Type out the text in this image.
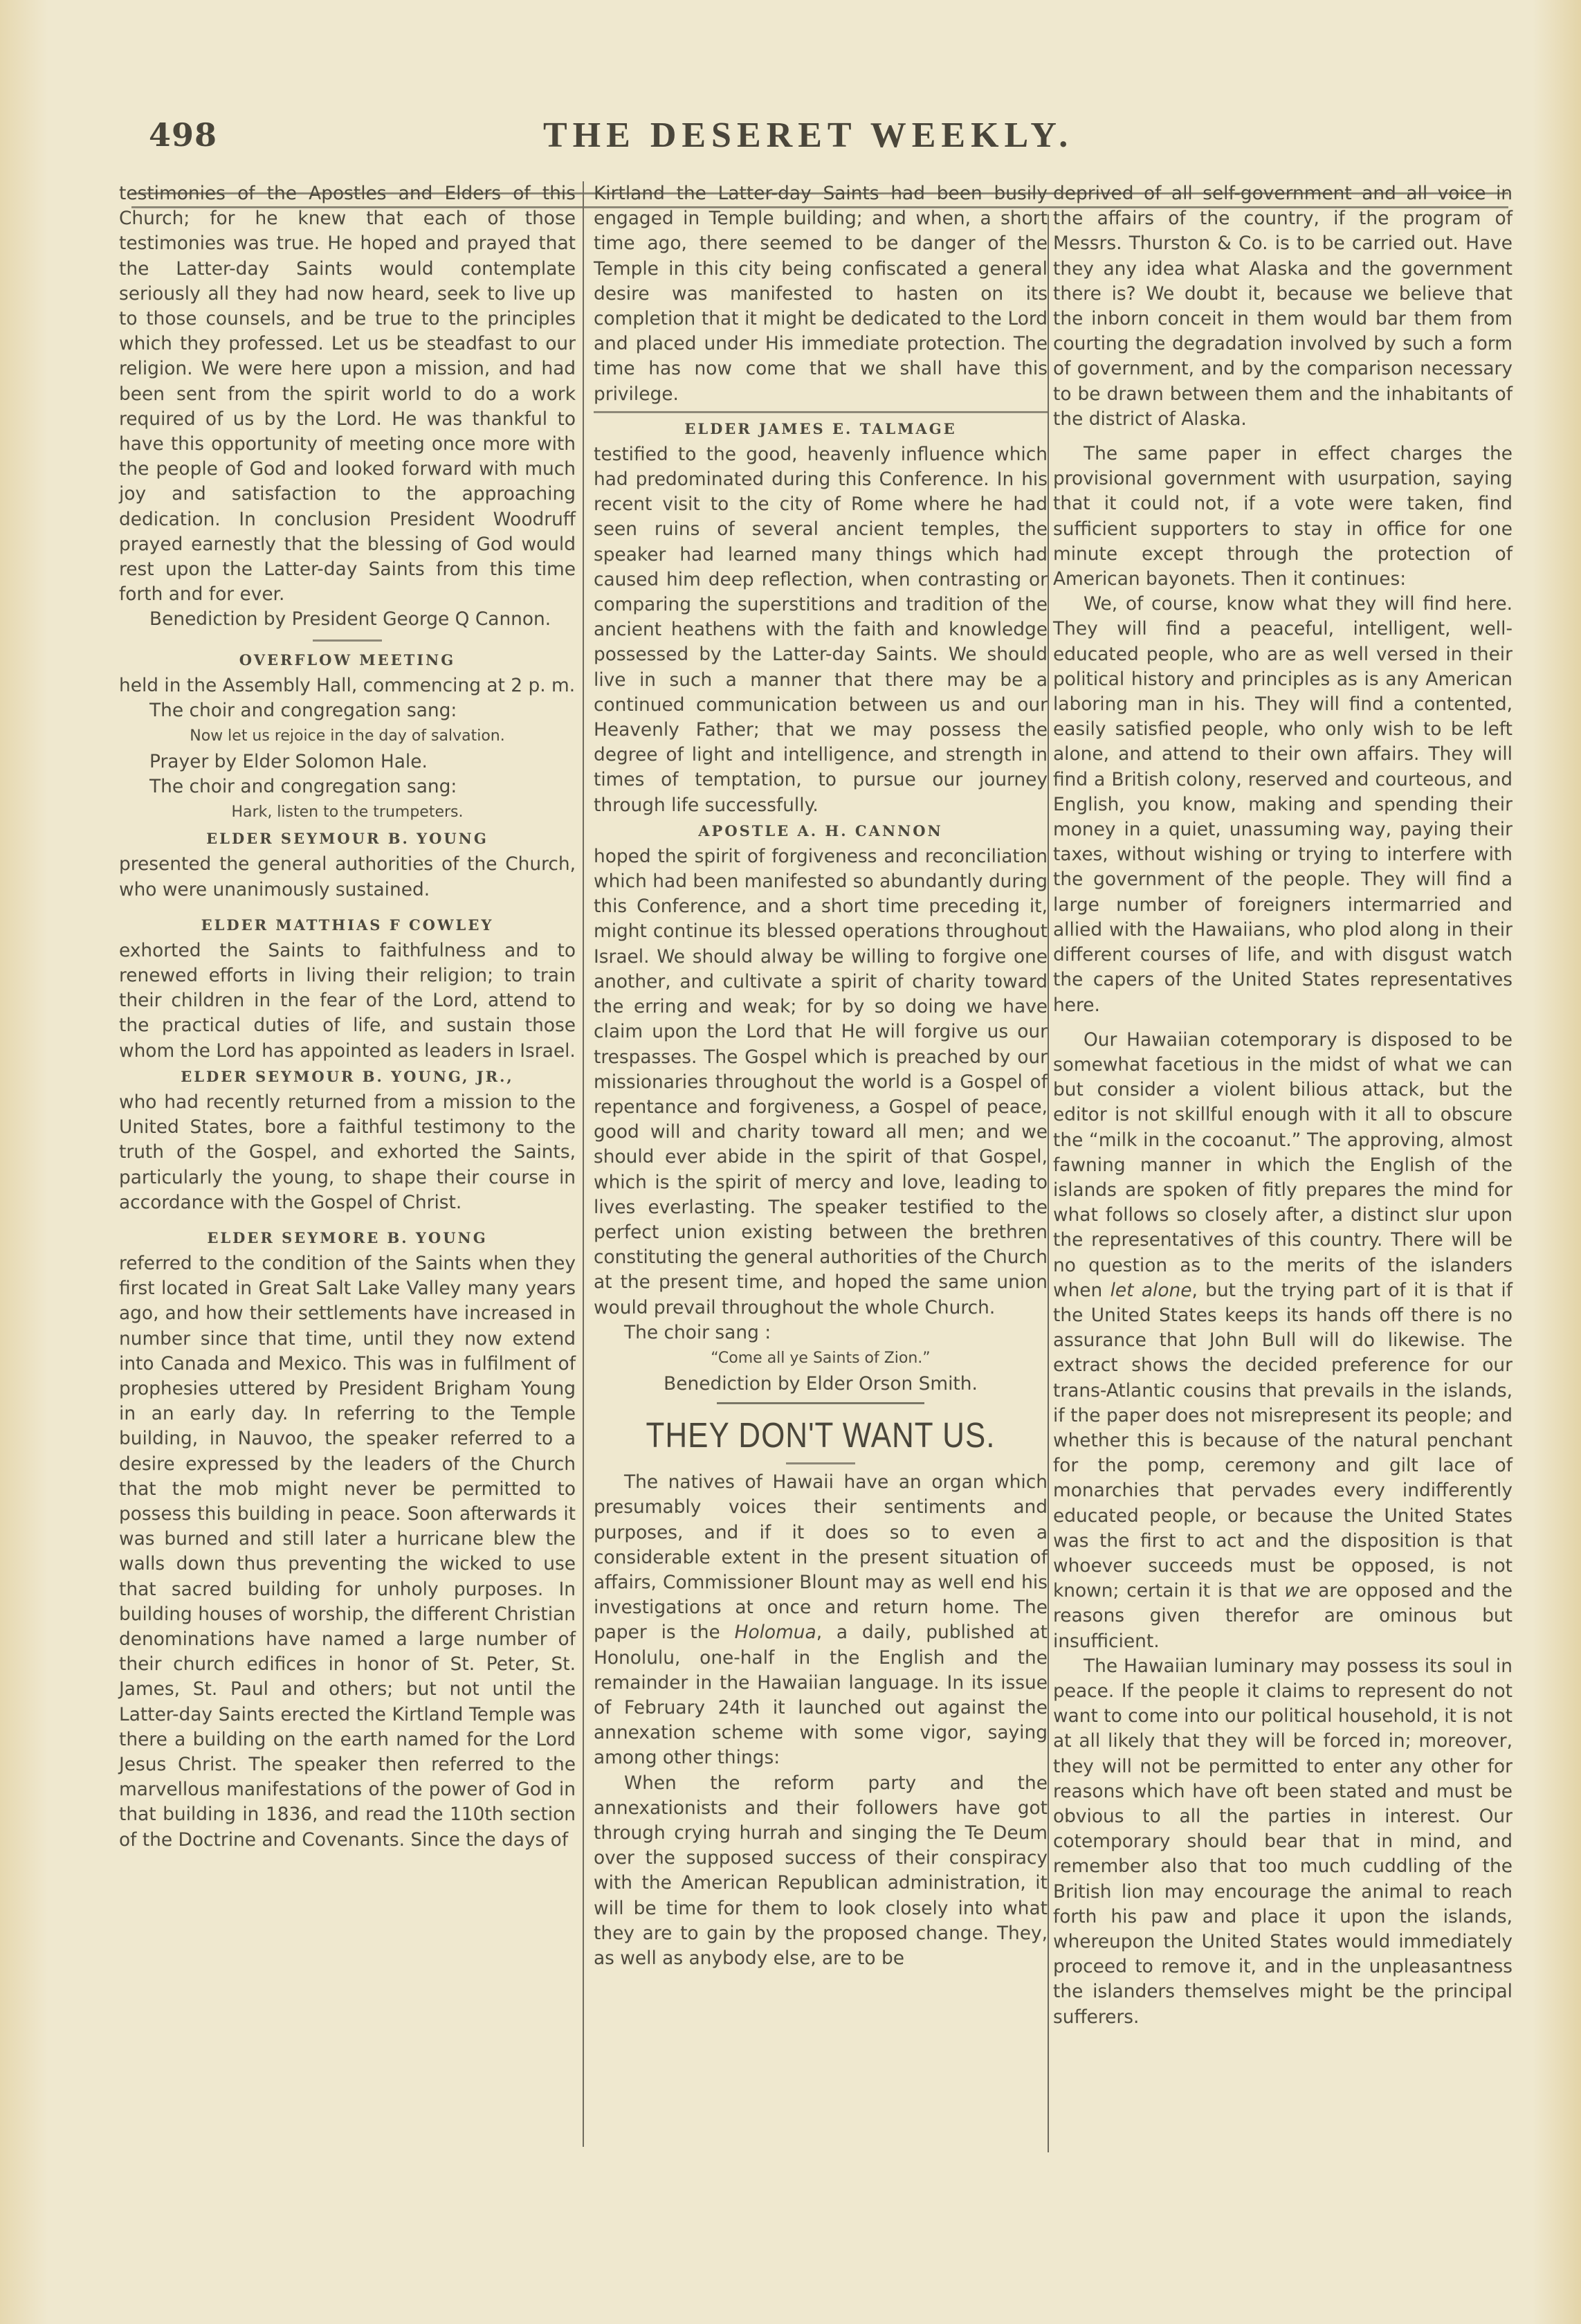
498	THE DESERET WEEKLY.

testimonies of the Apostles and Elders of this Church; for he knew that each of those testimonies was true. He hoped and prayed that the Latter-day Saints would contemplate seriously all they had now heard, seek to live up to those counsels, and be true to the principles which they professed. Let us be steadfast to our religion. We were here upon a mission, and had been sent from the spirit world to do a work required of us by the Lord. He was thankful to have this opportunity of meeting once more with the people of God and looked forward with much joy and satisfaction to the approaching dedication. In conclusion President Woodruff prayed earnestly that the blessing of God would rest upon the Latter-day Saints from this time forth and for ever.

Benediction by President George Q Cannon.

OVERFLOW MEETING

held in the Assembly Hall, commencing at 2 p. m.

The choir and congregation sang:

Now let us rejoice in the day of salvation.

Prayer by Elder Solomon Hale.

The choir and congregation sang:

Hark, listen to the trumpeters.
ELDER SEYMOUR B. YOUNG

presented the general authorities of the Church, who were unanimously sustained.

ELDER MATTHIAS F COWLEY

exhorted the Saints to faithfulness and to renewed efforts in living their religion; to train their children in the fear of the Lord, attend to the practical duties of life, and sustain those whom the Lord has appointed as leaders in Israel.

ELDER SEYMOUR B. YOUNG, JR.,

who had recently returned from a mission to the United States, bore a faithful testimony to the truth of the Gospel, and exhorted the Saints, particularly the young, to shape their course in accordance with the Gospel of Christ.

ELDER SEYMORE B. YOUNG

referred to the condition of the Saints when they first located in Great Salt Lake Valley many years ago, and how their settlements have increased in number since that time, until they now extend into Canada and Mexico. This was in fulfilment of prophesies uttered by President Brigham Young in an early day. In referring to the Temple building, in Nauvoo, the speaker referred to a desire expressed by the leaders of the Church that the mob might never be permitted to possess this building in peace. Soon afterwards it was burned and still later a hurricane blew the walls down thus preventing the wicked to use that sacred building for unholy purposes. In building houses of worship, the different Christian denominations have named a large number of their church edifices in honor of St. Peter, St. James, St. Paul and others; but not until the Latter-day Saints erected the Kirtland Temple was there a building on the earth named for the Lord Jesus Christ. The speaker then referred to the marvellous manifestations of the power of God in that building in 1836, and read the 110th section of the Doctrine and Covenants. Since the days of

Kirtland the Latter-day Saints had been busily engaged in Temple building; and when, a short time ago, there seemed to be danger of the Temple in this city being confiscated a general desire was manifested to hasten on its completion that it might be dedicated to the Lord and placed under His immediate protection. The time has now come that we shall have this privilege.

ELDER JAMES E. TALMAGE

testified to the good, heavenly influence which had predominated during this Conference. In his recent visit to the city of Rome where he had seen ruins of several ancient temples, the speaker had learned many things which had caused him deep reflection, when contrasting or comparing the superstitions and tradition of the ancient heathens with the faith and knowledge possessed by the Latter-day Saints. We should live in such a manner that there may be a continued communication between us and our Heavenly Father; that we may possess the degree of light and intelligence, and strength in times of temptation, to pursue our journey through life successfully.

APOSTLE A. H. CANNON

hoped the spirit of forgiveness and reconciliation which had been manifested so abundantly during this Conference, and a short time preceding it, might continue its blessed operations throughout Israel. We should alway be willing to forgive one another, and cultivate a spirit of charity toward the erring and weak; for by so doing we have claim upon the Lord that He will forgive us our trespasses. The Gospel which is preached by our missionaries throughout the world is a Gospel of repentance and forgiveness, a Gospel of peace, good will and charity toward all men; and we should ever abide in the spirit of that Gospel, which is the spirit of mercy and love, leading to lives everlasting. The speaker testified to the perfect union existing between the brethren constituting the general authorities of the Church at the present time, and hoped the same union would prevail throughout the whole Church.

The choir sang :

“Come all ye Saints of Zion.”

Benediction by Elder Orson Smith.

THEY DON'T WANT US.

The natives of Hawaii have an organ which presumably voices their sentiments and purposes, and if it does so to even a considerable extent in the present situation of affairs, Commissioner Blount may as well end his investigations at once and return home. The paper is the Holomua, a daily, published at Honolulu, one-half in the English and the remainder in the Hawaiian language. In its issue of February 24th it launched out against the annexation scheme with some vigor, saying among other things:

When the reform party and the annexationists and their followers have got through crying hurrah and singing the Te Deum over the supposed success of their conspiracy with the American Republican administration, it will be time for them to look closely into what they are to gain by the proposed change. They, as well as anybody else, are to be

deprived of all self-government and all voice in the affairs of the country, if the program of Messrs. Thurston & Co. is to be carried out. Have they any idea what Alaska and the government there is? We doubt it, because we believe that the inborn conceit in them would bar them from courting the degradation involved by such a form of government, and by the comparison necessary to be drawn between them and the inhabitants of the district of Alaska.

The same paper in effect charges the provisional government with usurpation, saying that it could not, if a vote were taken, find sufficient supporters to stay in office for one minute except through the protection of American bayonets. Then it continues:

We, of course, know what they will find here. They will find a peaceful, intelligent, well-educated people, who are as well versed in their political history and principles as is any American laboring man in his. They will find a contented, easily satisfied people, who only wish to be left alone, and attend to their own affairs. They will find a British colony, reserved and courteous, and English, you know, making and spending their money in a quiet, unassuming way, paying their taxes, without wishing or trying to interfere with the government of the people. They will find a large number of foreigners intermarried and allied with the Hawaiians, who plod along in their different courses of life, and with disgust watch the capers of the United States representatives here.

Our Hawaiian cotemporary is disposed to be somewhat facetious in the midst of what we can but consider a violent bilious attack, but the editor is not skillful enough with it all to obscure the “milk in the cocoanut.” The approving, almost fawning manner in which the English of the islands are spoken of fitly prepares the mind for what follows so closely after, a distinct slur upon the representatives of this country. There will be no question as to the merits of the islanders when let alone, but the trying part of it is that if the United States keeps its hands off there is no assurance that John Bull will do likewise. The extract shows the decided preference for our trans-Atlantic cousins that prevails in the islands, if the paper does not misrepresent its people; and whether this is because of the natural penchant for the pomp, ceremony and gilt lace of monarchies that pervades every indifferently educated people, or because the United States was the first to act and the disposition is that whoever succeeds must be opposed, is not known; certain it is that we are opposed and the reasons given therefor are ominous but insufficient.

The Hawaiian luminary may possess its soul in peace. If the people it claims to represent do not want to come into our political household, it is not at all likely that they will be forced in; moreover, they will not be permitted to enter any other for reasons which have oft been stated and must be obvious to all the parties in interest. Our cotemporary should bear that in mind, and remember also that too much cuddling of the British lion may encourage the animal to reach forth his paw and place it upon the islands, whereupon the United States would immediately proceed to remove it, and in the unpleasantness the islanders themselves might be the principal sufferers.
